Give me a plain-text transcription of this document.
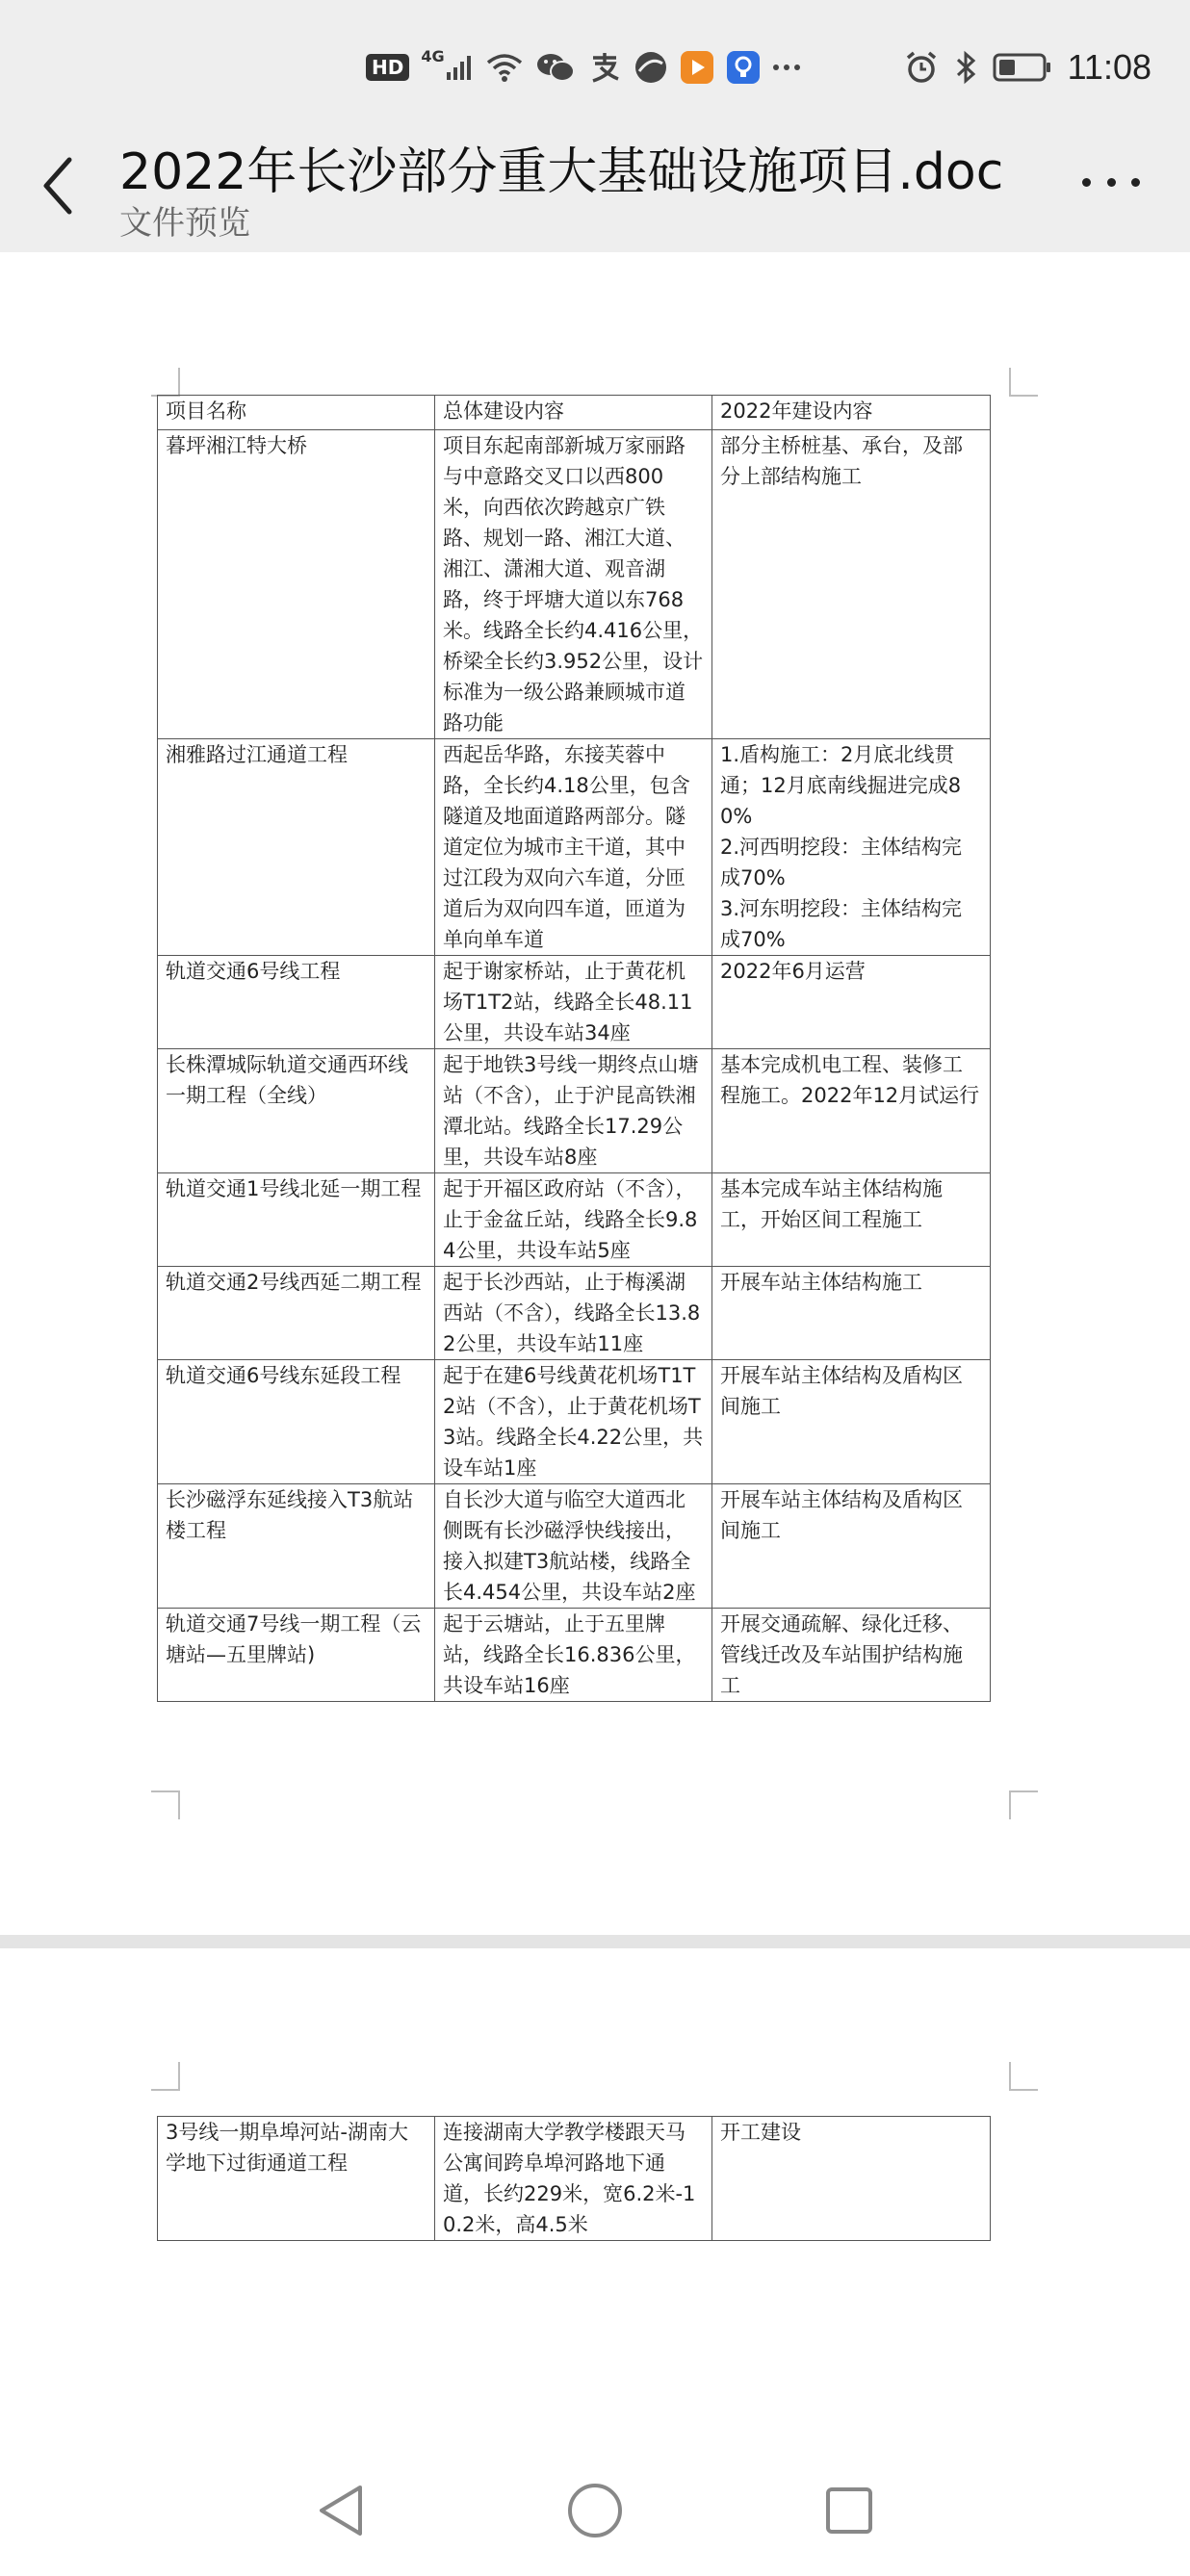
HD	4G	11:08
2022年长沙部分重大基础设施项目.doc
文件预览
项目名称	总体建设内容	2022年建设内容
暮坪湘江特大桥	项目东起南部新城万家丽路与中意路交叉口以西800米，向西依次跨越京广铁路、规划一路、湘江大道、湘江、潇湘大道、观音湖路，终于坪塘大道以东768米。线路全长约4.416公里，桥梁全长约3.952公里，设计标准为一级公路兼顾城市道路功能	部分主桥桩基、承台，及部分上部结构施工
湘雅路过江通道工程	西起岳华路，东接芙蓉中路，全长约4.18公里，包含隧道及地面道路两部分。隧道定位为城市主干道，其中过江段为双向六车道，分匝道后为双向四车道，匝道为单向单车道	1.盾构施工：2月底北线贯通；12月底南线掘进完成80%
2.河西明挖段：主体结构完成70%
3.河东明挖段：主体结构完成70%
轨道交通6号线工程	起于谢家桥站，止于黄花机场T1T2站，线路全长48.11公里，共设车站34座	2022年6月运营
长株潭城际轨道交通西环线一期工程（全线）	起于地铁3号线一期终点山塘站（不含），止于沪昆高铁湘潭北站。线路全长17.29公里，共设车站8座	基本完成机电工程、装修工程施工。2022年12月试运行
轨道交通1号线北延一期工程	起于开福区政府站（不含），止于金盆丘站，线路全长9.84公里，共设车站5座	基本完成车站主体结构施工，开始区间工程施工
轨道交通2号线西延二期工程	起于长沙西站，止于梅溪湖西站（不含），线路全长13.82公里，共设车站11座	开展车站主体结构施工
轨道交通6号线东延段工程	起于在建6号线黄花机场T1T2站（不含），止于黄花机场T3站。线路全长4.22公里，共设车站1座	开展车站主体结构及盾构区间施工
长沙磁浮东延线接入T3航站楼工程	自长沙大道与临空大道西北侧既有长沙磁浮快线接出，接入拟建T3航站楼，线路全长4.454公里，共设车站2座	开展车站主体结构及盾构区间施工
轨道交通7号线一期工程（云塘站—五里牌站)	起于云塘站，止于五里牌站，线路全长16.836公里，共设车站16座	开展交通疏解、绿化迁移、管线迁改及车站围护结构施工
3号线一期阜埠河站-湖南大学地下过街通道工程	连接湖南大学教学楼跟天马公寓间跨阜埠河路地下通道，长约229米，宽6.2米-10.2米，高4.5米	开工建设
